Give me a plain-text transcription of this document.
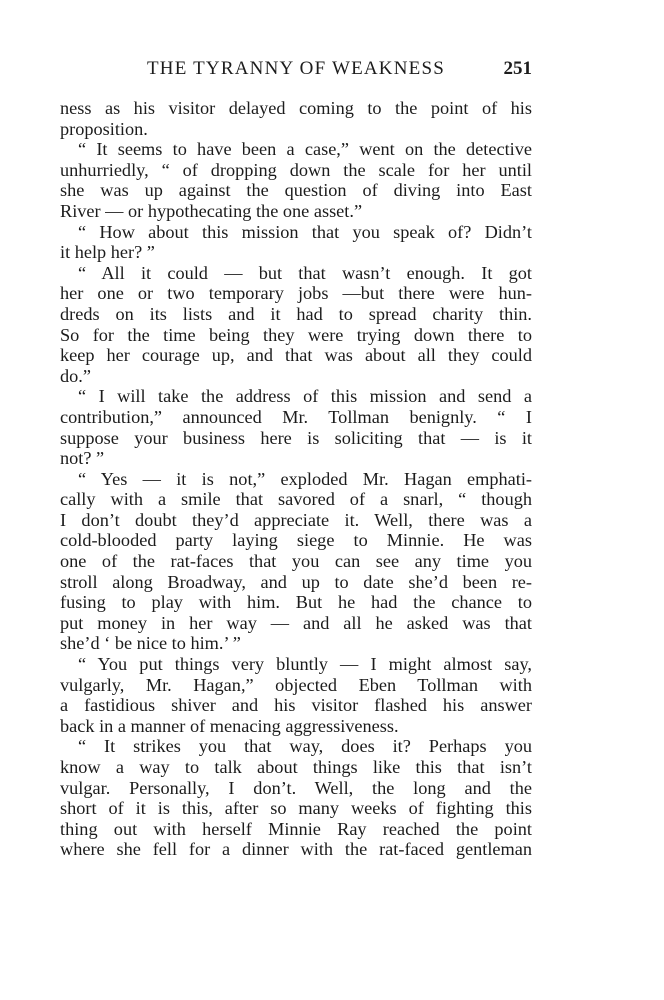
THE TYRANNY OF WEAKNESS	251
ness as his visitor delayed coming to the point of his
proposition.
“ It seems to have been a case,” went on the detective
unhurriedly, “ of dropping down the scale for her until
she was up against the question of diving into East
River — or hypothecating the one asset.”
“ How about this mission that you speak of? Didn’t
it help her? ”
“ All it could — but that wasn’t enough. It got
her one or two temporary jobs —but there were hun-
dreds on its lists and it had to spread charity thin.
So for the time being they were trying down there to
keep her courage up, and that was about all they could
do.”
“ I will take the address of this mission and send a
contribution,” announced Mr. Tollman benignly. “ I
suppose your business here is soliciting that — is it
not? ”
“ Yes — it is not,” exploded Mr. Hagan emphati-
cally with a smile that savored of a snarl, “ though
I don’t doubt they’d appreciate it. Well, there was a
cold-blooded party laying siege to Minnie. He was
one of the rat-faces that you can see any time you
stroll along Broadway, and up to date she’d been re-
fusing to play with him. But he had the chance to
put money in her way — and all he asked was that
she’d ‘ be nice to him.’ ”
“ You put things very bluntly — I might almost say,
vulgarly, Mr. Hagan,” objected Eben Tollman with
a fastidious shiver and his visitor flashed his answer
back in a manner of menacing aggressiveness.
“ It strikes you that way, does it? Perhaps you
know a way to talk about things like this that isn’t
vulgar. Personally, I don’t. Well, the long and the
short of it is this, after so many weeks of fighting this
thing out with herself Minnie Ray reached the point
where she fell for a dinner with the rat-faced gentleman
